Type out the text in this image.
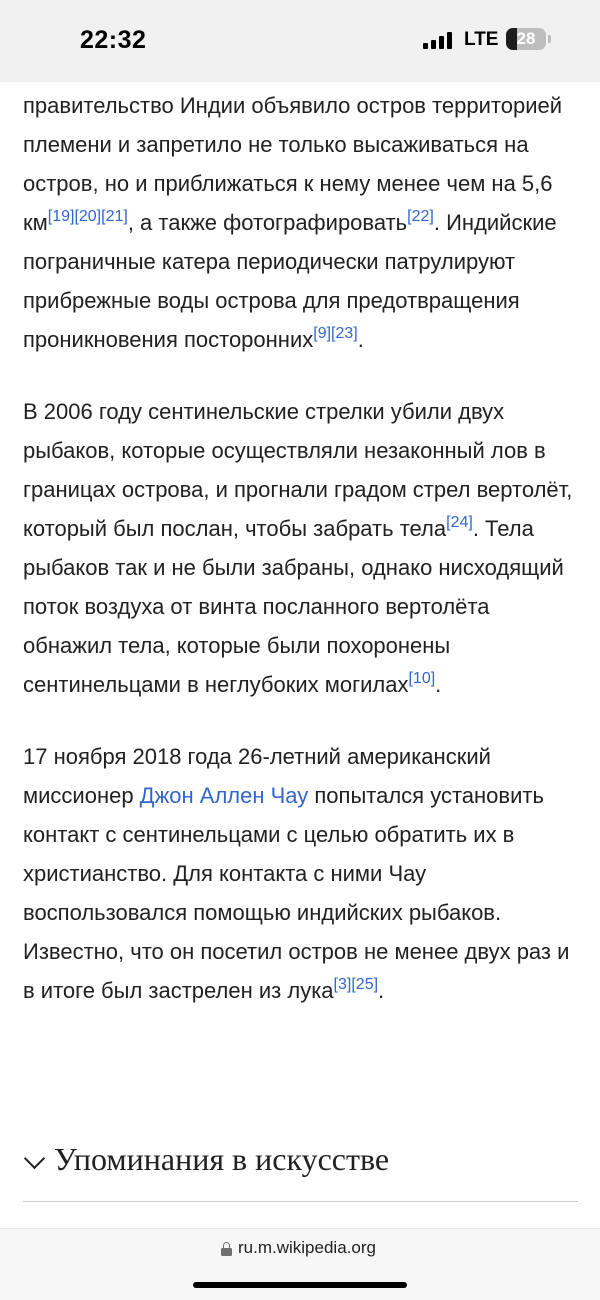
22:32	LTE	28

правительство Индии объявило остров территорией племени и запретило не только высаживаться на остров, но и приближаться к нему менее чем на 5,6 км[19][20][21], а также фотографировать[22]. Индийские пограничные катера периодически патрулируют прибрежные воды острова для предотвращения проникновения посторонних[9][23].

В 2006 году сентинельские стрелки убили двух рыбаков, которые осуществляли незаконный лов в границах острова, и прогнали градом стрел вертолёт, который был послан, чтобы забрать тела[24]. Тела рыбаков так и не были забраны, однако нисходящий поток воздуха от винта посланного вертолёта обнажил тела, которые были похоронены сентинельцами в неглубоких могилах[10].

17 ноября 2018 года 26-летний американский миссионер Джон Аллен Чау попытался установить контакт с сентинельцами с целью обратить их в христианство. Для контакта с ними Чау воспользовался помощью индийских рыбаков. Известно, что он посетил остров не менее двух раз и в итоге был застрелен из лука[3][25].

Упоминания в искусстве
ru.m.wikipedia.org
